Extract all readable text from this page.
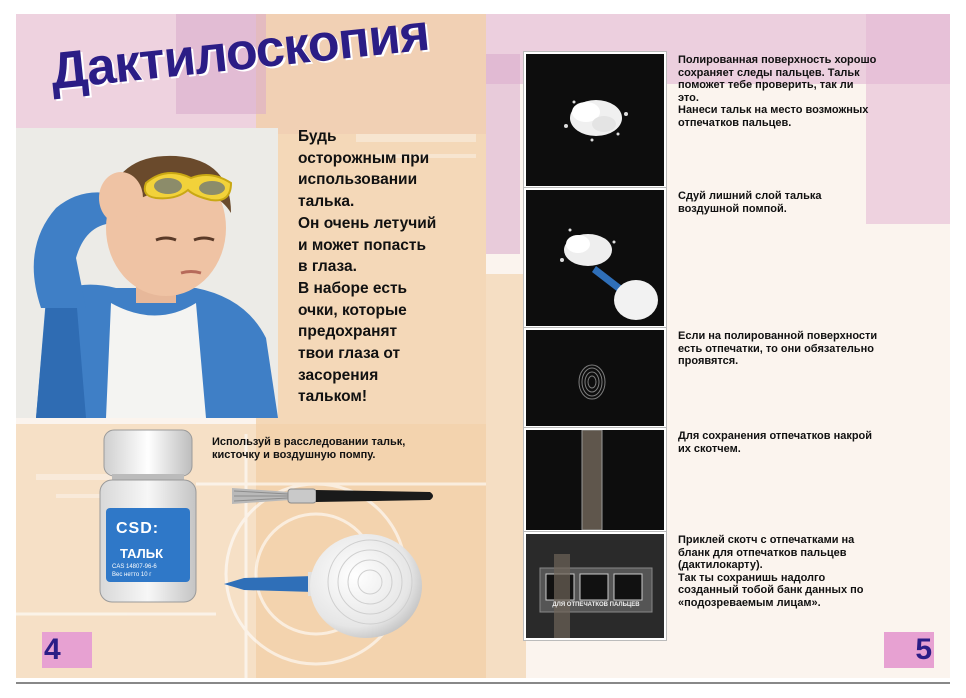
Дактилоскопия
Будь
осторожным при
использовании
талька.
Он очень летучий
и может попасть
в глаза.
В наборе есть
очки, которые
предохранят
твои глаза от
засорения
тальком!
Используй в расследовании тальк,
кисточку и воздушную помпу.
CSD:
ТАЛЬК
CAS 14807-96-6
Вес нетто 10 г
4	5

Полированная поверхность хорошо

сохраняет следы пальцев. Тальк

поможет тебе проверить, так ли

это.

Нанеси тальк на место возможных

отпечатков пальцев.

Сдуй лишний слой талька

воздушной помпой.

Если на полированной поверхности

есть отпечатки, то они обязательно

проявятся.

Для сохранения отпечатков накрой

их скотчем.

ДЛЯ ОТПЕЧАТКОВ ПАЛЬЦЕВ

Приклей скотч с отпечатками на

бланк для отпечатков пальцев

(дактилокарту).

Так ты сохранишь надолго

созданный тобой банк данных по

«подозреваемым лицам».
